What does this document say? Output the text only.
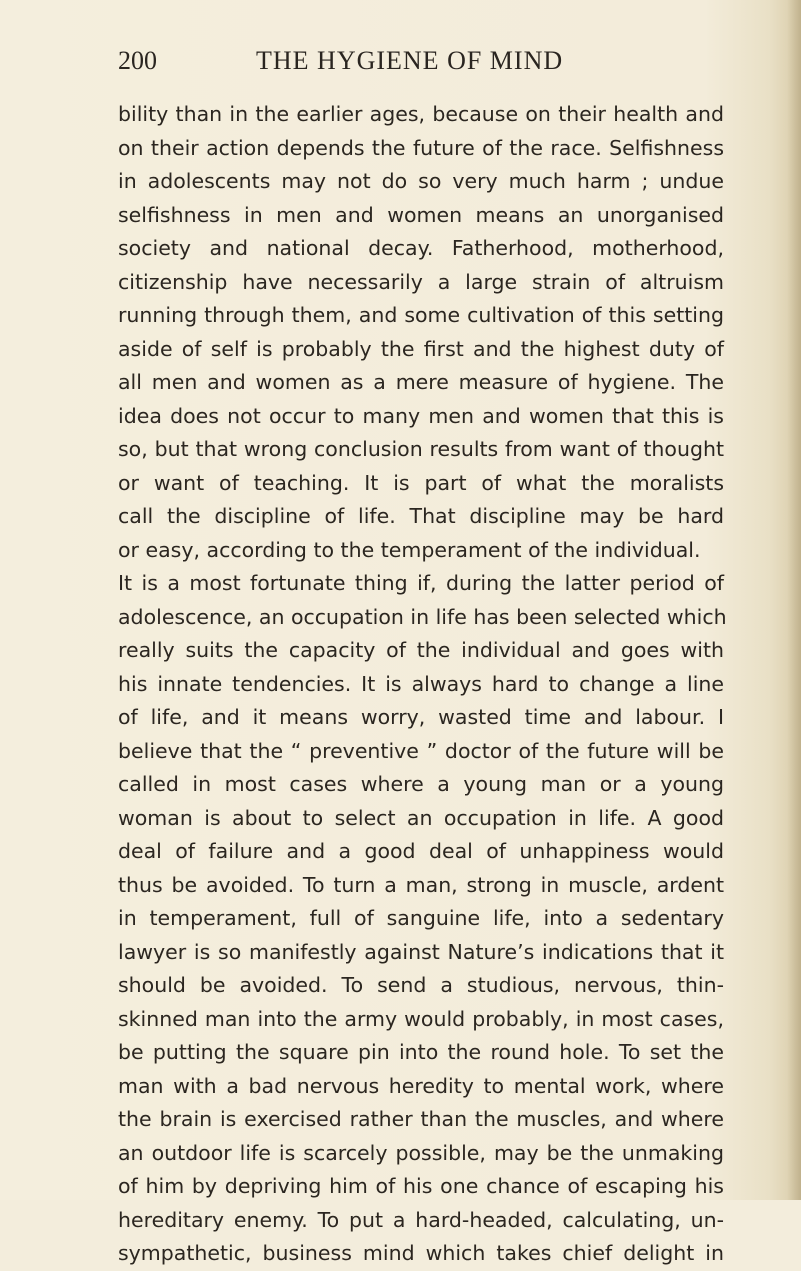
200	THE HYGIENE OF MIND
bility than in the earlier ages, because on their health and
on their action depends the future of the race. Selfishness
in adolescents may not do so very much harm ; undue
selfishness in men and women means an unorganised
society and national decay. Fatherhood, motherhood,
citizenship have necessarily a large strain of altruism
running through them, and some cultivation of this setting
aside of self is probably the first and the highest duty of
all men and women as a mere measure of hygiene. The
idea does not occur to many men and women that this is
so, but that wrong conclusion results from want of thought
or want of teaching. It is part of what the moralists
call the discipline of life. That discipline may be hard
or easy, according to the temperament of the individual.
It is a most fortunate thing if, during the latter period of
adolescence, an occupation in life has been selected which
really suits the capacity of the individual and goes with
his innate tendencies. It is always hard to change a line
of life, and it means worry, wasted time and labour. I
believe that the “ preventive ” doctor of the future will be
called in most cases where a young man or a young
woman is about to select an occupation in life. A good
deal of failure and a good deal of unhappiness would
thus be avoided. To turn a man, strong in muscle, ardent
in temperament, full of sanguine life, into a sedentary
lawyer is so manifestly against Nature’s indications that it
should be avoided. To send a studious, nervous, thin-
skinned man into the army would probably, in most cases,
be putting the square pin into the round hole. To set the
man with a bad nervous heredity to mental work, where
the brain is exercised rather than the muscles, and where
an outdoor life is scarcely possible, may be the unmaking
of him by depriving him of his one chance of escaping his
hereditary enemy. To put a hard-headed, calculating, un-
sympathetic, business mind which takes chief delight in
